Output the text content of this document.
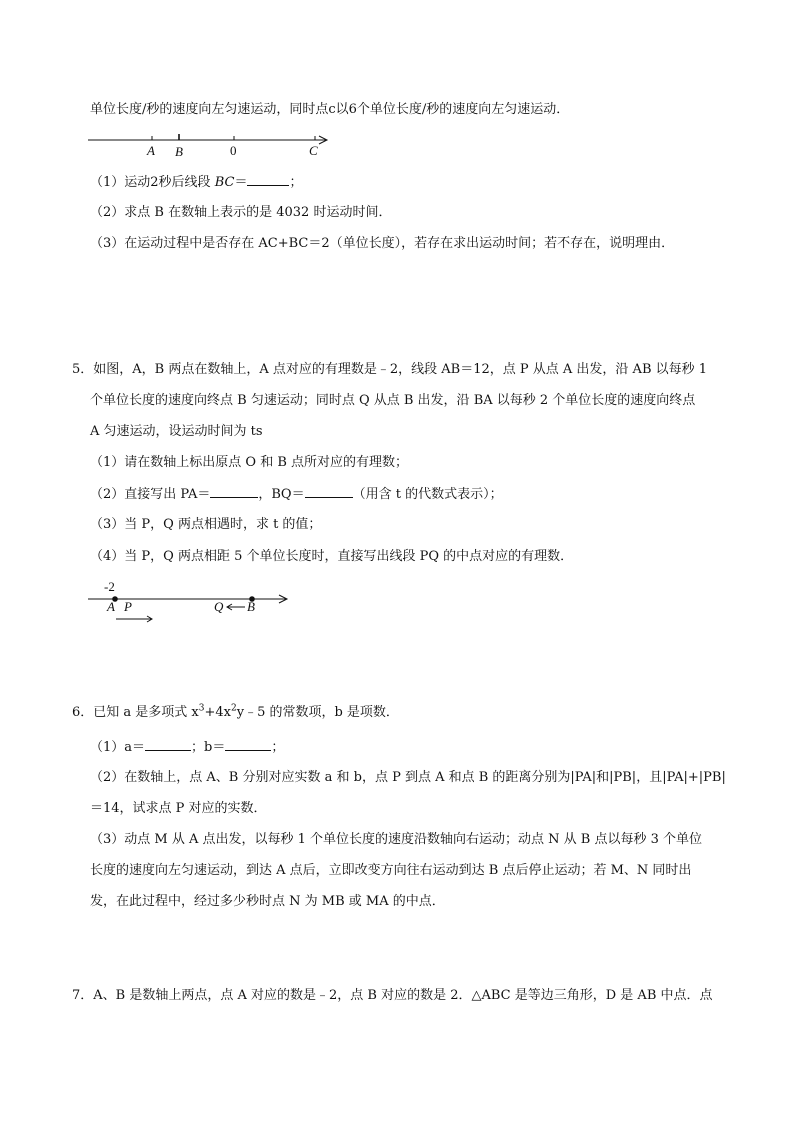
单位长度/秒的速度向左匀速运动，同时点c以6个单位长度/秒的速度向左匀速运动．
A B	0	C
（1）运动2秒后线段 BC＝	；
（2）求点 B 在数轴上表示的是 4032 时运动时间．
（3）在运动过程中是否存在 AC+BC＝2（单位长度），若存在求出运动时间；若不存在，说明理由．
5．如图，A，B 两点在数轴上，A 点对应的有理数是﹣2，线段 AB＝12，点 P 从点 A 出发，沿 AB 以每秒 1
个单位长度的速度向终点 B 匀速运动；同时点 Q 从点 B 出发，沿 BA 以每秒 2 个单位长度的速度向终点
A 匀速运动，设运动时间为 ts
（1）请在数轴上标出原点 O 和 B 点所对应的有理数；
（2）直接写出 PA＝	，BQ＝	（用含 t 的代数式表示）；
（3）当 P，Q 两点相遇时，求 t 的值；
（4）当 P，Q 两点相距 5 个单位长度时，直接写出线段 PQ 的中点对应的有理数．
-2
A P	Q B
6．已知 a 是多项式 $x^3+4x^2y﹣5$ 的常数项，b 是项数．
（1）a＝	；b＝	；
（2）在数轴上，点 A、B 分别对应实数 a 和 b，点 P 到点 A 和点 B 的距离分别为|PA|和|PB|，且|PA|+|PB|
＝14，试求点 P 对应的实数．
（3）动点 M 从 A 点出发，以每秒 1 个单位长度的速度沿数轴向右运动；动点 N 从 B 点以每秒 3 个单位
长度的速度向左匀速运动，到达 A 点后，立即改变方向往右运动到达 B 点后停止运动；若 M、N 同时出
发，在此过程中，经过多少秒时点 N 为 MB 或 MA 的中点．
7．A、B 是数轴上两点，点 A 对应的数是﹣2，点 B 对应的数是 2．△ABC 是等边三角形，D 是 AB 中点．点
